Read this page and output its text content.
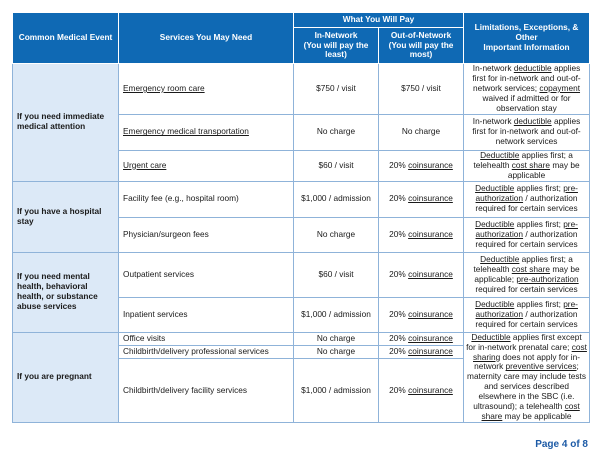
Common Medical Event	Services You May Need	What You Will Pay		Limitations, Exceptions, & Other
Important Information
		In-Network
(You will pay the
least)	Out-of-Network
(You will pay the
most)	
If you need immediate medical attention	Emergency room care	$750 / visit	$750 / visit	In-network deductible applies first for in-network and out-of-network services; copayment waived if admitted or for observation stay
	Emergency medical transportation	No charge	No charge	In-network deductible applies first for in-network and out-of-network services
	Urgent care	$60 / visit	20% coinsurance	Deductible applies first; a telehealth cost share may be applicable
If you have a hospital stay	Facility fee (e.g., hospital room)	$1,000 / admission	20% coinsurance	Deductible applies first; pre-authorization / authorization required for certain services
	Physician/surgeon fees	No charge	20% coinsurance	Deductible applies first; pre-authorization / authorization required for certain services
If you need mental health, behavioral health, or substance abuse services	Outpatient services	$60 / visit	20% coinsurance	Deductible applies first; a telehealth cost share may be applicable; pre-authorization required for certain services
	Inpatient services	$1,000 / admission	20% coinsurance	Deductible applies first; pre-authorization / authorization required for certain services
If you are pregnant	Office visits	No charge	20% coinsurance	Deductible applies first except for in-network prenatal care; cost sharing does not apply for in-network preventive services; maternity care may include tests and services described elsewhere in the SBC (i.e. ultrasound); a telehealth cost share may be applicable
	Childbirth/delivery professional services	No charge	20% coinsurance	
	Childbirth/delivery facility services	$1,000 / admission	20% coinsurance	
Page 4 of 8
